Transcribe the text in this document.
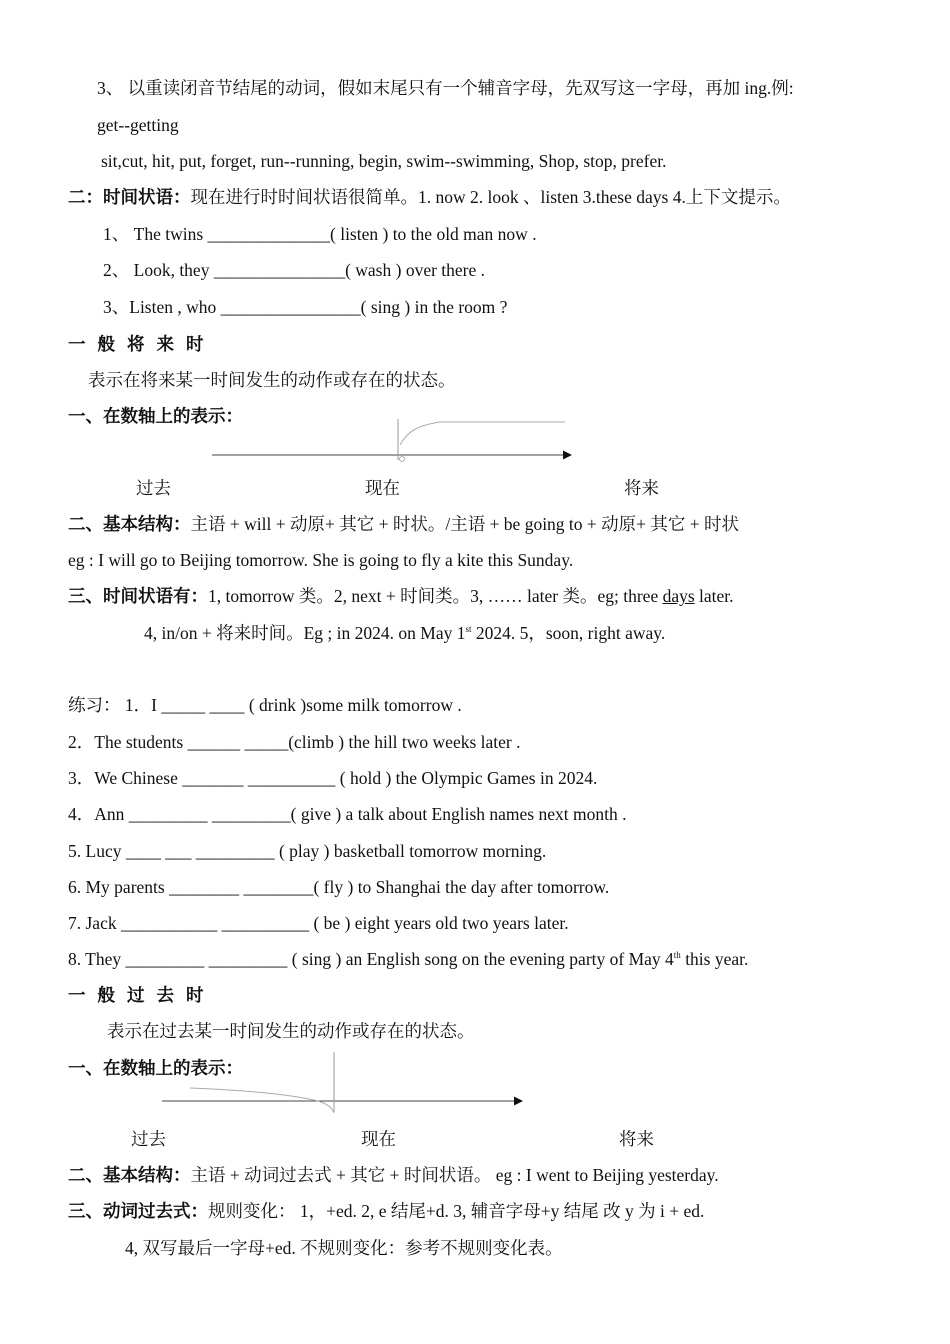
3、 以重读闭音节结尾的动词，假如末尾只有一个辅音字母，先双写这一字母，再加 ing.例:
get--getting
sit,cut, hit, put, forget, run--running, begin, swim--swimming, Shop, stop, prefer.
二：时间状语：现在进行时时间状语很简单。1. now 2. look 、listen 3.these days 4.上下文提示。
1、 The twins ______________( listen ) to the old man now .
2、 Look, they _______________( wash ) over there .
3、Listen , who ________________( sing ) in the room ?
一般将来时
表示在将来某一时间发生的动作或存在的状态。
一、在数轴上的表示：
过去	现在	将来
二、基本结构：主语 + will + 动原+ 其它 + 时状。/主语 + be going to + 动原+ 其它 + 时状
eg : I will go to Beijing tomorrow. She is going to fly a kite this Sunday.
三、时间状语有：1, tomorrow 类。2, next + 时间类。3, …… later 类。eg; three days later.
4, in/on + 将来时间。Eg ; in 2024. on May 1st 2024. 5，soon, right away.
练习： 1．I _____ ____ ( drink )some milk tomorrow .
2．The students ______ _____(climb ) the hill two weeks later .
3．We Chinese _______ __________ ( hold ) the Olympic Games in 2024.
4．Ann _________ _________( give ) a talk about English names next month .
5. Lucy ____ ___ _________ ( play ) basketball tomorrow morning.
6. My parents ________ ________( fly ) to Shanghai the day after tomorrow.
7. Jack ___________ __________ ( be ) eight years old two years later.
8. They _________ _________ ( sing ) an English song on the evening party of May 4th this year.
一般过去时
表示在过去某一时间发生的动作或存在的状态。
一、在数轴上的表示：
过去	现在	将来
二、基本结构：主语 + 动词过去式 + 其它 + 时间状语。 eg : I went to Beijing yesterday.
三、动词过去式：规则变化： 1，+ed. 2, e 结尾+d. 3, 辅音字母+y 结尾 改 y 为 i + ed.
4, 双写最后一字母+ed. 不规则变化：参考不规则变化表。
